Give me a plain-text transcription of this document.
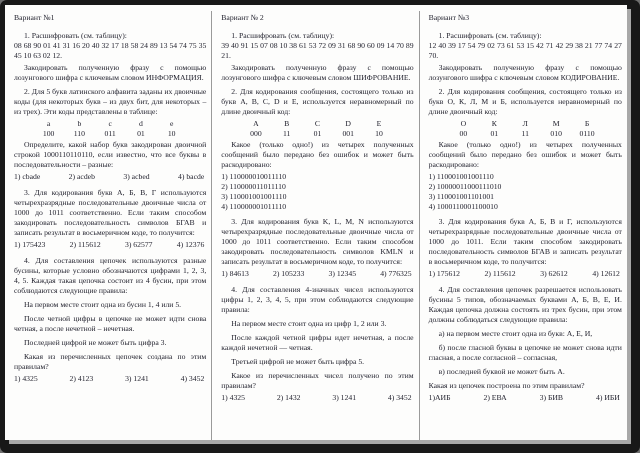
Вариант №1

1. Расшифровать (см. таблицу):
08 68 90 01 41 31 16 20 40 32 17 18 58 24 89 13 54 74 75 35 45 10 63 02 12.

Закодировать полученную фразу с помощью лозунгового шифра с ключевым словом ИНФОРМАЦИЯ.

2. Для 5 букв латинского алфавита заданы их двоичные коды (для некоторых букв – из двух бит, для некоторых – из трех). Эти коды представлены в таблице:

a	b	c	d	e
100	110	011	01	10

Определите, какой набор букв закодирован двоичной строкой 1000110110110, если известно, что все буквы в последовательности – разные:

1) cbade	2) acdeb	3) acbed	4) bacde

3. Для кодирования букв А, Б, В, Г используются четырехразрядные последовательные двоичные числа от 1000 до 1011 соответственно. Если таким способом закодировать последовательность символов БГАВ и записать результат в восьмеричном коде, то получится:

1) 175423	2) 115612	3) 62577	4) 12376

4. Для составления цепочек используются разные бусины, которые условно обозначаются цифрами 1, 2, 3, 4, 5. Каждая такая цепочка состоит из 4 бусин, при этом соблюдаются следующие правила:

На первом месте стоит одна из бусин 1, 4 или 5.

После четной цифры в цепочке не может идти снова четная, а после нечетной – нечетная.

Последней цифрой не может быть цифра 3.

Какая из перечисленных цепочек создана по этим правилам?

1) 4325	2) 4123	3) 1241	4) 3452
Вариант № 2

1. Расшифровать (см. таблицу):
39 40 91 15 07 08 10 38 61 53 72 09 31 68 90 60 09 14 70 89 21.

Закодировать полученную фразу с помощью лозунгового шифра с ключевым словом ШИФРОВАНИЕ.

2. Для кодирования сообщения, состоящего только из букв A, B, C, D и E, используется неравномерный по длине двоичный код:

A	B	C	D	E
000	11	01	001	10

Какое (только одно!) из четырех полученных сообщений было передано без ошибок и может быть раскодировано:

1) 110000010011110
2) 110000011011110
3) 110001001001110
4) 110000001011110

3. Для кодирования букв K, L, M, N используются четырехразрядные последовательные двоичные числа от 1000 до 1011 соответственно. Если таким способом закодировать последовательность символов KMLN и записать результат в восьмеричном коде, то получится:

1) 84613	2) 105233	3) 12345	4) 776325

4. Для составления 4-значных чисел используются цифры 1, 2, 3, 4, 5, при этом соблюдаются следующие правила:

На первом месте стоит одна из цифр 1, 2 или 3.

После каждой четной цифры идет нечетная, а после каждой нечетной — четная.

Третьей цифрой не может быть цифра 5.

Какое из перечисленных чисел получено по этим правилам?

1) 4325	2) 1432	3) 1241	4) 3452
Вариант №3

1. Расшифровать (см. таблицу):
12 40 39 17 54 79 02 73 61 53 15 42 71 42 29 38 21 77 74 27 70.

Закодировать полученную фразу с помощью лозунгового шифра с ключевым словом КОДИРОВАНИЕ.

2. Для кодирования сообщения, состоящего только из букв О, К, Л, М и Б, используется неравномерный по длине двоичный код:

О	К	Л	М	Б
00	01	11	010	0110

Какое (только одно!) из четырех полученных сообщений было передано без ошибок и может быть раскодировано:

1) 110001001001110
2) 10000011000111010
3) 110001001101001
4) 1000110001100010

3. Для кодирования букв А, Б, В и Г, используются четырехразрядные последовательные двоичные числа от 1000 до 1011. Если таким способом закодировать последовательность символов БГАВ и записать результат в восьмеричном коде, то получится:

1) 175612	2) 115612	3) 62612	4) 12612

4. Для составления цепочек разрешается использовать бусины 5 типов, обозначаемых буквами А, Б, В, Е, И. Каждая цепочка должна состоять из трех бусин, при этом должны соблюдаться следующие правила:

а) на первом месте стоит одна из букв: А, Е, И,

б) после гласной буквы в цепочке не может снова идти гласная, а после согласной – согласная,

в) последней буквой не может быть А.

Какая из цепочек построена по этим правилам?

1)АИБ	2) ЕВА	3) БИВ	4) ИБИ
